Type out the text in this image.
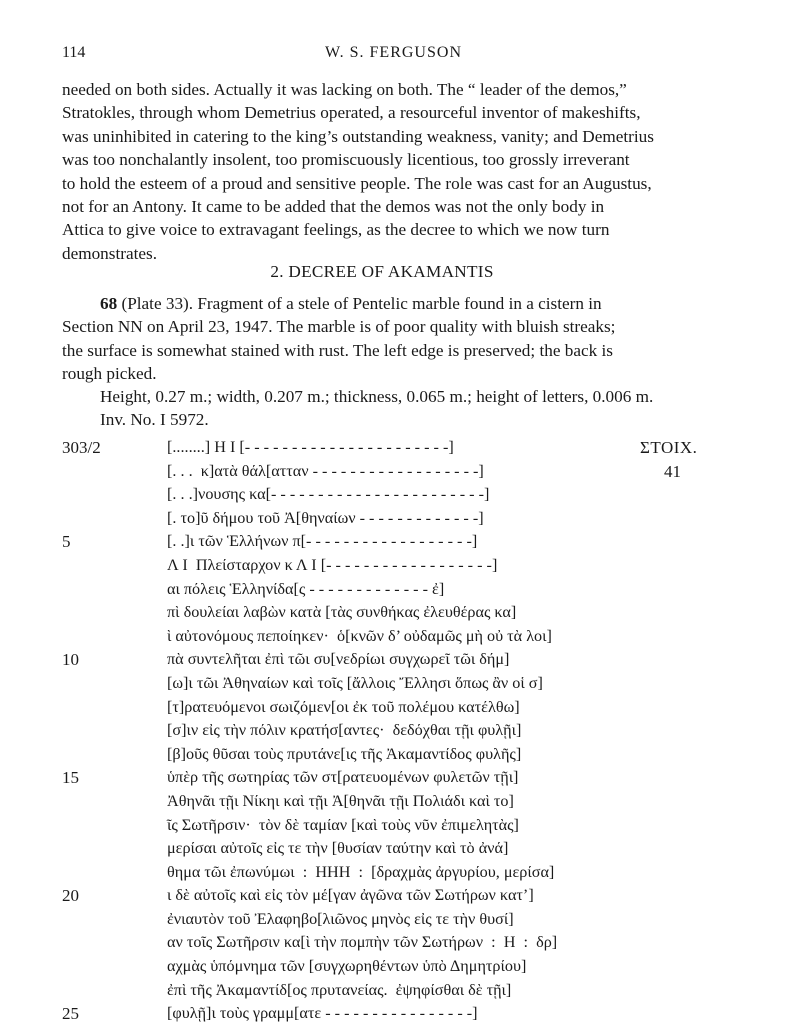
114	W. S. FERGUSON
needed on both sides. Actually it was lacking on both. The “ leader of the demos,”
Stratokles, through whom Demetrius operated, a resourceful inventor of makeshifts,
was uninhibited in catering to the king’s outstanding weakness, vanity; and Demetrius
was too nonchalantly insolent, too promiscuously licentious, too grossly irreverant
to hold the esteem of a proud and sensitive people. The role was cast for an Augustus,
not for an Antony. It came to be added that the demos was not the only body in
Attica to give voice to extravagant feelings, as the decree to which we now turn
demonstrates.
2. DECREE OF AKAMANTIS
68 (Plate 33). Fragment of a stele of Pentelic marble found in a cistern in
Section NN on April 23, 1947. The marble is of poor quality with bluish streaks;
the surface is somewhat stained with rust. The left edge is preserved; the back is
rough picked.
Height, 0.27 m.; width, 0.207 m.; thickness, 0.065 m.; height of letters, 0.006 m.
Inv. No. I 5972.
303/2	[........] H I [- - - - - - - - - - - - - - - - - - - - - -]	ΣTOIX.
[. . .  κ]ατὰ θάλ[ατταν - - - - - - - - - - - - - - - - - -]	41
[. . .]νουσης κα[- - - - - - - - - - - - - - - - - - - - - - -]
[. το]ῦ δήμου τοῦ Ἀ[θηναίων - - - - - - - - - - - - -]
5	[. .]ι τῶν Ἑλλήνων π[- - - - - - - - - - - - - - - - - -]
Λ I  Πλείσταρχον κ Λ I [- - - - - - - - - - - - - - - - - -]
αι πόλεις Ἑλληνίδα[ς - - - - - - - - - - - - - ἐ]
πὶ δουλείαι λαβὼν κατὰ [τὰς συνθήκας ἐλευθέρας κα]
ὶ αὐτονόμους πεποίηκεν·  ὁ[κνῶν δ’ οὐδαμῶς μὴ οὐ τὰ λοι]
10	πὰ συντελῆται ἐπὶ τῶι συ[νεδρίωι συγχωρεῖ τῶι δήμ]
[ω]ι τῶι Ἀθηναίων καὶ τοῖς [ἄλλοις Ἔλλησι ὅπως ἂν οἱ σ]
[τ]ρατευόμενοι σωιζόμεν[οι ἐκ τοῦ πολέμου κατέλθω]
[σ]ιν εἰς τὴν πόλιν κρατήσ[αντες·  δεδόχθαι τῇι φυλῇι]
[β]οῦς θῦσαι τοὺς πρυτάνε[ις τῆς Ἀκαμαντίδος φυλῆς]
15	ὑπὲρ τῆς σωτηρίας τῶν στ[ρατευομένων φυλετῶν τῇι]
Ἀθηνᾶι τῇι Νίκηι καὶ τῇι Ἀ[θηνᾶι τῇι Πολιάδι καὶ το]
ῖς Σωτῆρσιν·  τὸν δὲ ταμίαν [καὶ τοὺς νῦν ἐπιμελητὰς]
μερίσαι αὐτοῖς εἰς τε τὴν [θυσίαν ταύτην καὶ τὸ ἀνά]
θημα τῶι ἐπωνύμωι  :  HHH  :  [δραχμὰς ἀργυρίου, μερίσα]
20	ι δὲ αὐτοῖς καὶ εἰς τὸν μέ[γαν ἀγῶνα τῶν Σωτήρων κατ’]
ἐνιαυτὸν τοῦ Ἐλαφηβο[λιῶνος μηνὸς εἰς τε τὴν θυσί]
αν τοῖς Σωτῆρσιν κα[ὶ τὴν πομπὴν τῶν Σωτήρων  :  H  :  δρ]
αχμὰς ὑπόμνημα τῶν [συγχωρηθέντων ὑπὸ Δημητρίου]
ἐπὶ τῆς Ἀκαμαντίδ[ος πρυτανείας.  ἐψηφίσθαι δὲ τῇι]
25	[φυλῇ]ι τοὺς γραμμ[ατε - - - - - - - - - - - - - - - -]
